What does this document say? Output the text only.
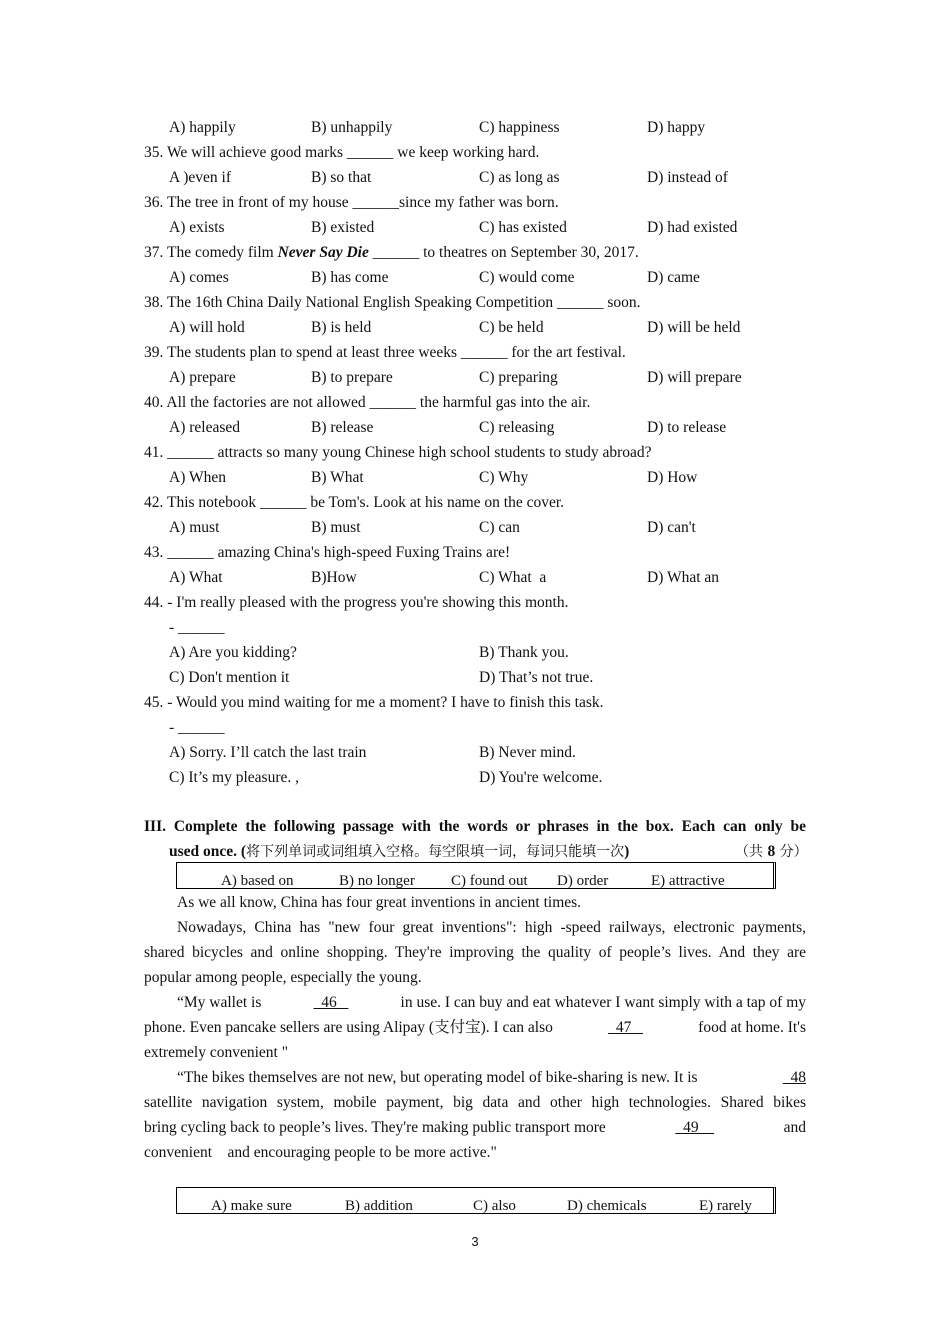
A) happily	B) unhappily	C) happiness	D) happy
35. We will achieve good marks ______ we keep working hard.
A )even if	B) so that	C) as long as	D) instead of
36. The tree in front of my house ______since my father was born.
A) exists	B) existed	C) has existed	D) had existed
37. The comedy film Never Say Die ______ to theatres on September 30, 2017.
A) comes	B) has come	C) would come	D) came
38. The 16th China Daily National English Speaking Competition ______ soon.
A) will hold	B) is held	C) be held	D) will be held
39. The students plan to spend at least three weeks ______ for the art festival.
A) prepare	B) to prepare	C) preparing	D) will prepare
40. All the factories are not allowed ______ the harmful gas into the air.
A) released	B) release	C) releasing	D) to release
41. ______ attracts so many young Chinese high school students to study abroad?
A) When	B) What	C) Why	D) How
42. This notebook ______ be Tom's. Look at his name on the cover.
A) must	B) must	C) can	D) can't
43. ______ amazing China's high-speed Fuxing Trains are!
A) What	B)How	C) What  a	D) What an
44. - I'm really pleased with the progress you're showing this month.
- ______
A) Are you kidding?	B) Thank you.
C) Don't mention it	D) That’s not true.
45. - Would you mind waiting for me a moment? I have to finish this task.
- ______
A) Sorry. I’ll catch the last train	B) Never mind.
C) It’s my pleasure. ,	D) You're welcome.
III. Complete the following passage with the words or phrases in the box. Each can only be
used once. (将下列单词或词组填入空格。每空限填一词，每词只能填一次)	（共 8 分）
A) based on	B) no longer C) found out D) order	E) attractive
As we all know, China has four great inventions in ancient times.
Nowadays, China has "new four great inventions": high -speed railways, electronic payments,
shared bicycles and online shopping. They're improving the quality of people’s lives. And they are
popular among people, especially the young.
“My wallet is	46	in use. I can buy and eat whatever I want simply with a tap of my
phone. Even pancake sellers are using Alipay (支付宝). I can also	47	food at home. It's
extremely convenient "
“The bikes themselves are not new, but operating model of bike-sharing is new. It is	48
satellite navigation system, mobile payment, big data and other high technologies. Shared bikes
bring cycling back to people’s lives. They're making public transport more	49	and
convenient    and encouraging people to be more active."
A) make sure	B) addition	C) also	D) chemicals	E) rarely
3
